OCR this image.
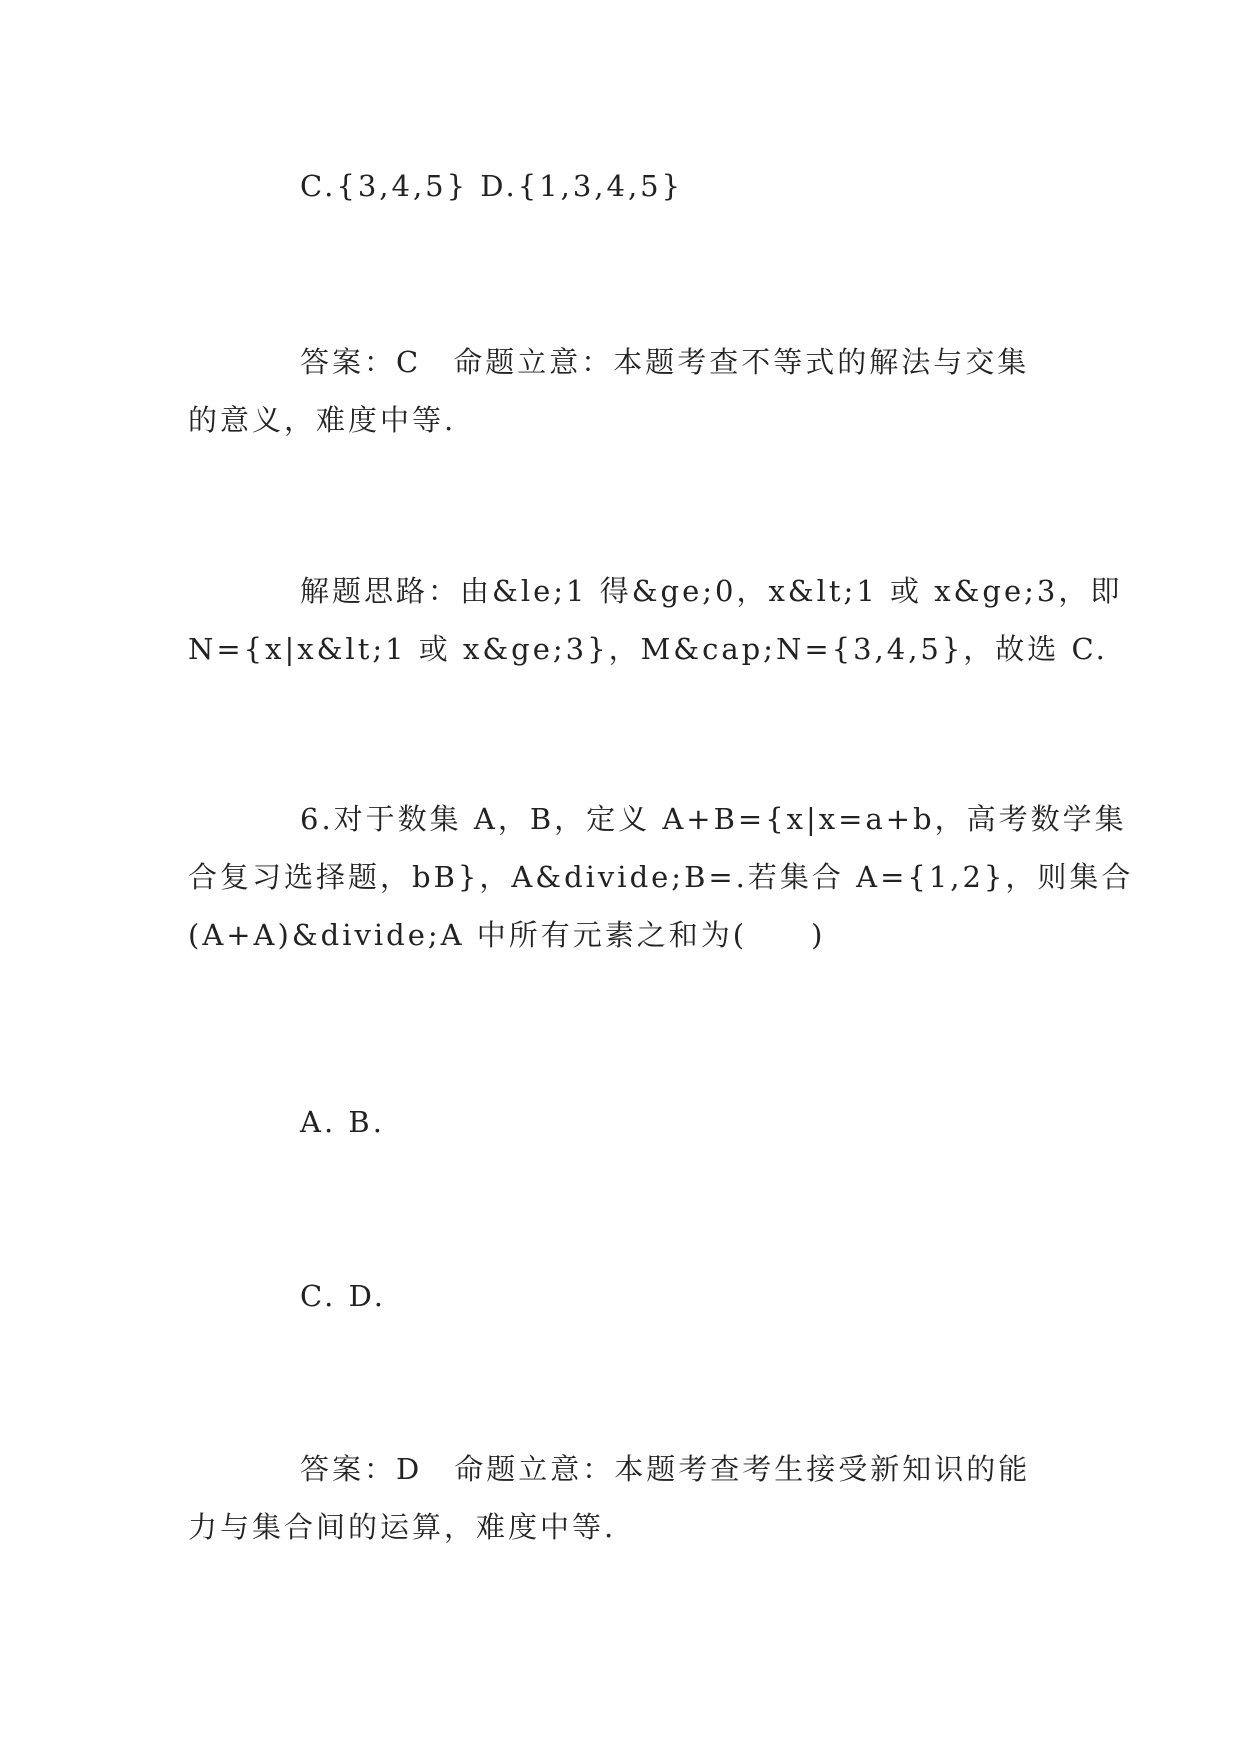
C.{3,4,5} D.{1,3,4,5}

答案：C　命题立意：本题考查不等式的解法与交集
的意义，难度中等.

解题思路：由&le;1 得&ge;0，x&lt;1 或 x&ge;3，即
N={x|x&lt;1 或 x&ge;3}，M&cap;N={3,4,5}，故选 C.

6.对于数集 A，B，定义 A+B={x|x=a+b，高考数学集
合复习选择题，bB}，A&divide;B=.若集合 A={1,2}，则集合
(A+A)&divide;A 中所有元素之和为(　　)

A. B.

C. D.

答案：D　命题立意：本题考查考生接受新知识的能
力与集合间的运算，难度中等.
